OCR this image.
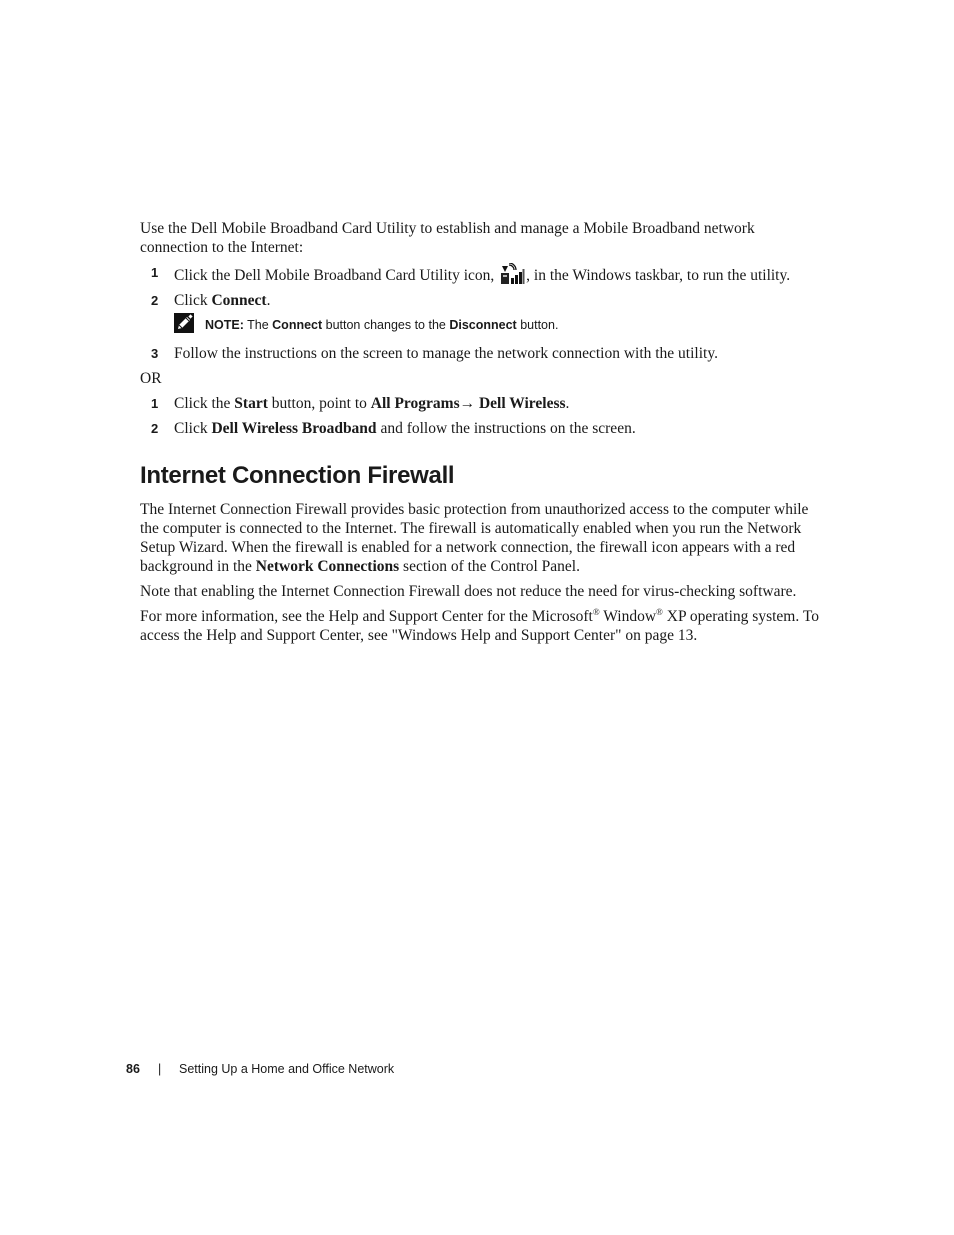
Use the Dell Mobile Broadband Card Utility to establish and manage a Mobile Broadband network connection to the Internet:

1 Click the Dell Mobile Broadband Card Utility icon, , in the Windows taskbar, to run the utility.
2 Click Connect.
NOTE: The Connect button changes to the Disconnect button.
3 Follow the instructions on the screen to manage the network connection with the utility.

OR

1 Click the Start button, point to All Programs→ Dell Wireless.
2 Click Dell Wireless Broadband and follow the instructions on the screen.
Internet Connection Firewall

The Internet Connection Firewall provides basic protection from unauthorized access to the computer while the computer is connected to the Internet. The firewall is automatically enabled when you run the Network Setup Wizard. When the firewall is enabled for a network connection, the firewall icon appears with a red background in the Network Connections section of the Control Panel.

Note that enabling the Internet Connection Firewall does not reduce the need for virus-checking software.

For more information, see the Help and Support Center for the Microsoft® Window® XP operating system. To access the Help and Support Center, see "Windows Help and Support Center" on page 13.

86 | Setting Up a Home and Office Network
